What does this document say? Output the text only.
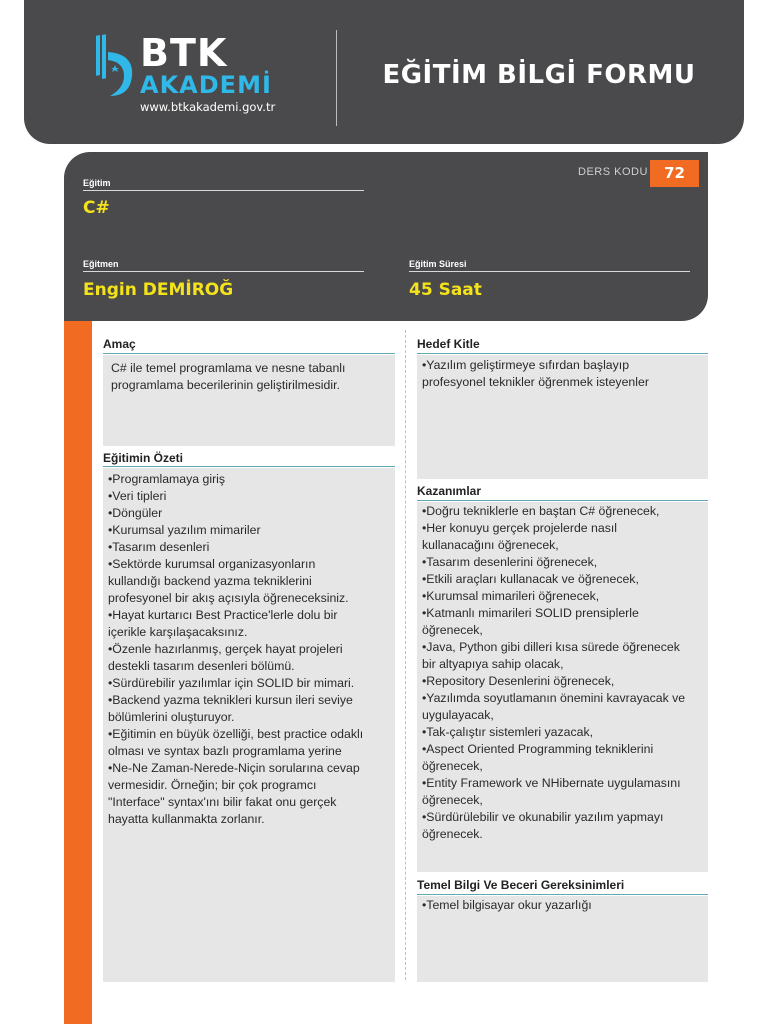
BTK
AKADEMİ
www.btkakademi.gov.tr
EĞİTİM BİLGİ FORMU
DERS KODU	72
Eğitim
C#
Eğitmen
Engin DEMİROĞ
Eğitim Süresi
45 Saat
Amaç
C# ile temel programlama ve nesne tabanlı
programlama becerilerinin geliştirilmesidir.
Eğitimin Özeti
•Programlamaya giriş
•Veri tipleri
•Döngüler
•Kurumsal yazılım mimariler
•Tasarım desenleri
•Sektörde kurumsal organizasyonların
kullandığı backend yazma tekniklerini
profesyonel bir akış açısıyla öğreneceksiniz.
•Hayat kurtarıcı Best Practice'lerle dolu bir
içerikle karşılaşacaksınız.
•Özenle hazırlanmış, gerçek hayat projeleri
destekli tasarım desenleri bölümü.
•Sürdürebilir yazılımlar için SOLID bir mimari.
•Backend yazma teknikleri kursun ileri seviye
bölümlerini oluşturuyor.
•Eğitimin en büyük özelliği, best practice odaklı
olması ve syntax bazlı programlama yerine
•Ne-Ne Zaman-Nerede-Niçin sorularına cevap
vermesidir. Örneğin; bir çok programcı
"Interface" syntax'ını bilir fakat onu gerçek
hayatta kullanmakta zorlanır.
Hedef Kitle
•Yazılım geliştirmeye sıfırdan başlayıp
profesyonel teknikler öğrenmek isteyenler
Kazanımlar
•Doğru tekniklerle en baştan C# öğrenecek,
•Her konuyu gerçek projelerde nasıl
kullanacağını öğrenecek,
•Tasarım desenlerini öğrenecek,
•Etkili araçları kullanacak ve öğrenecek,
•Kurumsal mimarileri öğrenecek,
•Katmanlı mimarileri SOLID prensiplerle
öğrenecek,
•Java, Python gibi dilleri kısa sürede öğrenecek
bir altyapıya sahip olacak,
•Repository Desenlerini öğrenecek,
•Yazılımda soyutlamanın önemini kavrayacak ve
uygulayacak,
•Tak-çalıştır sistemleri yazacak,
•Aspect Oriented Programming tekniklerini
öğrenecek,
•Entity Framework ve NHibernate uygulamasını
öğrenecek,
•Sürdürülebilir ve okunabilir yazılım yapmayı
öğrenecek.
Temel Bilgi Ve Beceri Gereksinimleri
•Temel bilgisayar okur yazarlığı
